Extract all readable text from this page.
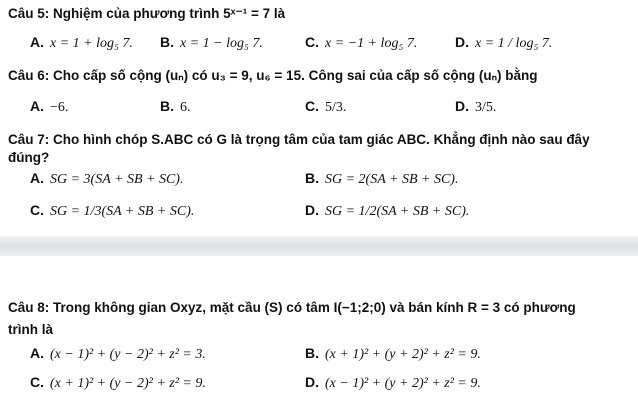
Câu 5: Nghiệm của phương trình 5ˣ⁻¹ = 7 là
A. x = 1 + log₅ 7. B. x = 1 − log₅ 7.	C. x = −1 + log₅ 7.	D. x = 1 / log₅ 7.
Câu 6: Cho cấp số cộng (uₙ) có u₃ = 9, u₆ = 15. Công sai của cấp số cộng (uₙ) bằng
A. −6.	B. 6.	C. 5/3.	D. 3/5.
Câu 7: Cho hình chóp S.ABC có G là trọng tâm của tam giác ABC. Khẳng định nào sau đây
đúng?
A. SG = 3(SA + SB + SC).	B. SG = 2(SA + SB + SC).
C. SG = 1/3(SA + SB + SC).	D. SG = 1/2(SA + SB + SC).
Câu 8: Trong không gian Oxyz, mặt cầu (S) có tâm I(−1;2;0) và bán kính R = 3 có phương
trình là
A. (x − 1)² + (y − 2)² + z² = 3.	B. (x + 1)² + (y + 2)² + z² = 9.
C. (x + 1)² + (y − 2)² + z² = 9.	D. (x − 1)² + (y + 2)² + z² = 9.
